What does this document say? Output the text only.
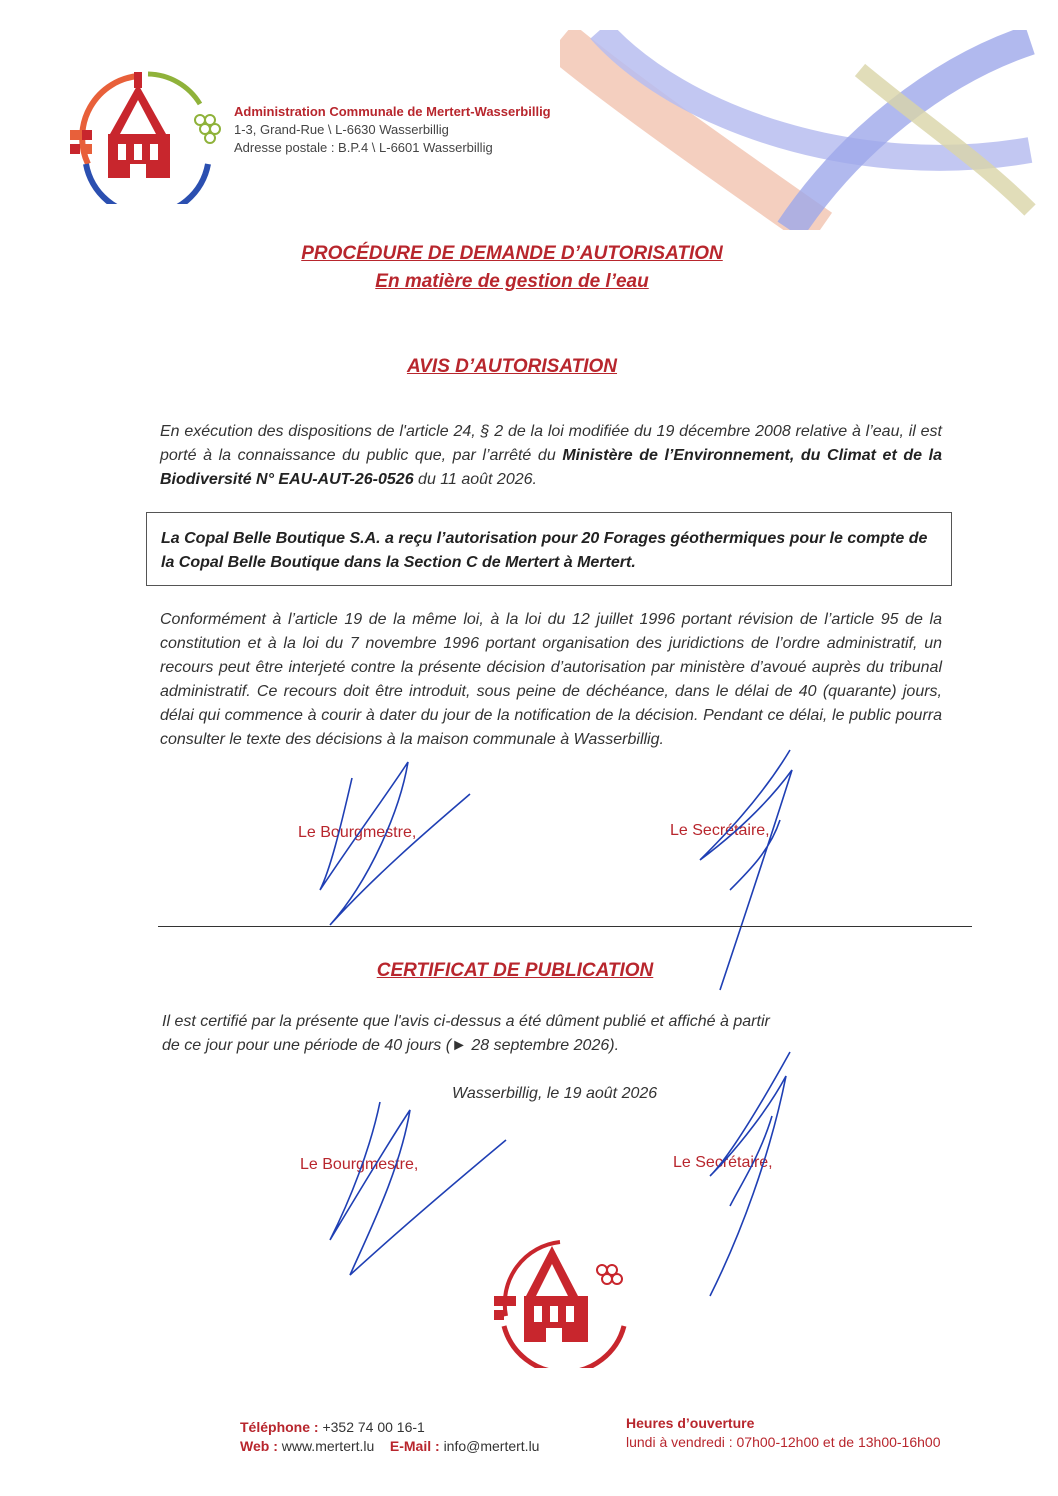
Administration Communale de Mertert-Wasserbillig
1-3, Grand-Rue \ L-6630 Wasserbillig
Adresse postale : B.P.4 \ L-6601 Wasserbillig
PROCÉDURE DE DEMANDE D’AUTORISATION
En matière de gestion de l’eau
AVIS D’AUTORISATION
En exécution des dispositions de l'article 24, § 2 de la loi modifiée du 19 décembre 2008 relative à l’eau, il est porté à la connaissance du public que, par l’arrêté du Ministère de l’Environnement, du Climat et de la Biodiversité N° EAU-AUT-26-0526 du 11 août 2026.

La Copal Belle Boutique S.A. a reçu l’autorisation pour 20 Forages géothermiques pour le compte de la Copal Belle Boutique dans la Section C de Mertert à Mertert.

Conformément à l’article 19 de la même loi, à la loi du 12 juillet 1996 portant révision de l’article 95 de la constitution et à la loi du 7 novembre 1996 portant organisation des juridictions de l’ordre administratif, un recours peut être interjeté contre la présente décision d’autorisation par ministère d’avoué auprès du tribunal administratif. Ce recours doit être introduit, sous peine de déchéance, dans le délai de 40 (quarante) jours, délai qui commence à courir à dater du jour de la notification de la décision. Pendant ce délai, le public pourra consulter le texte des décisions à la maison communale à Wasserbillig.
Le Bourgmestre,	Le Secrétaire,
CERTIFICAT DE PUBLICATION
Il est certifié par la présente que l'avis ci-dessus a été dûment publié et affiché à partir de ce jour pour une période de 40 jours (► 28 septembre 2026).
Wasserbillig, le 19 août 2026
Le Bourgmestre,	Le Secrétaire,
Téléphone : +352 74 00 16-1
Web : www.mertert.lu E-Mail : info@mertert.lu
Heures d’ouverture
lundi à vendredi : 07h00-12h00 et de 13h00-16h00
